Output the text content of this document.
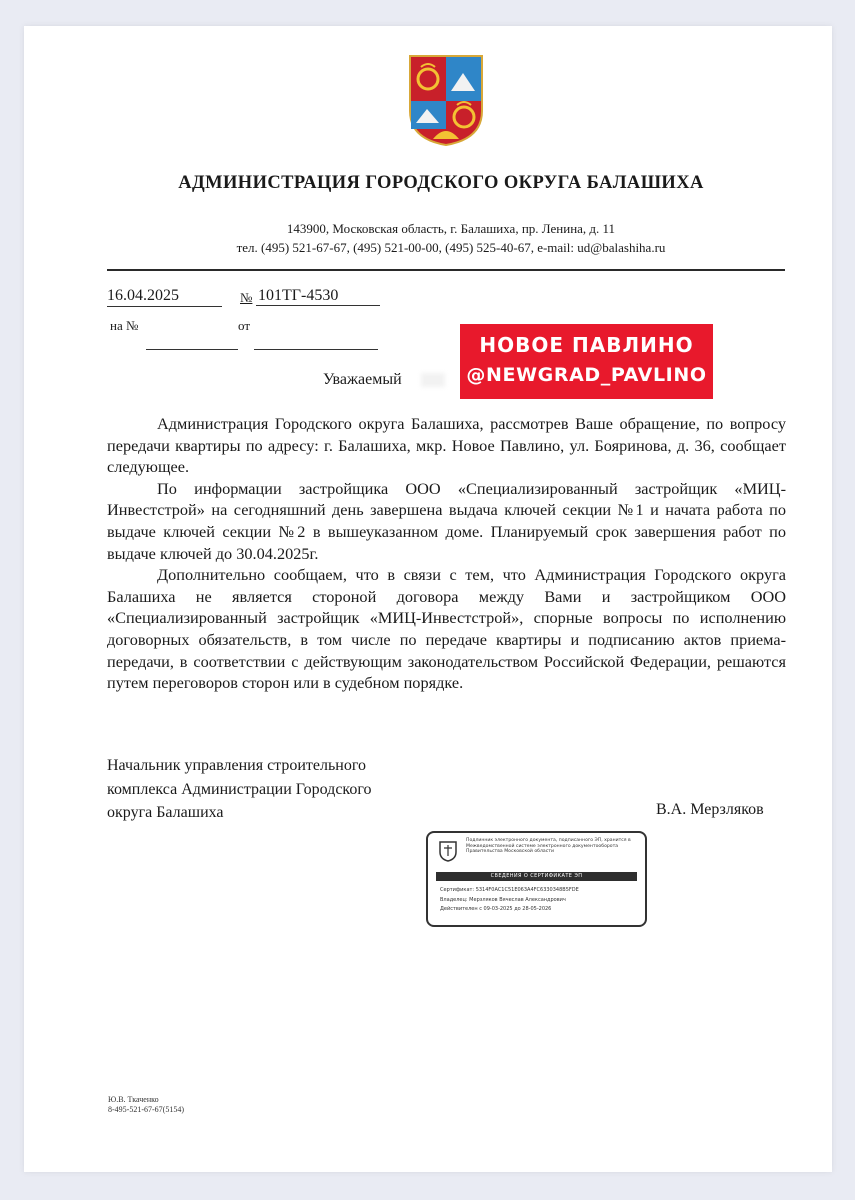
АДМИНИСТРАЦИЯ ГОРОДСКОГО ОКРУГА БАЛАШИХА
143900, Московская область, г. Балашиха, пр. Ленина, д. 11
тел. (495) 521-67-67, (495) 521-00-00, (495) 525-40-67, e-mail: ud@balashiha.ru
16.04.2025	№ 101ТГ-4530
на №
	от

НОВОЕ ПАВЛИНО
@NEWGRAD_PAVLINO
Уважаемый

Администрация Городского округа Балашиха, рассмотрев Ваше обращение, по вопросу передачи квартиры по адресу: г. Балашиха, мкр. Новое Павлино, ул. Бояринова, д. 36, сообщает следующее.

По информации застройщика ООО «Специализированный застройщик «МИЦ-Инвестстрой» на сегодняшний день завершена выдача ключей секции №1 и начата работа по выдаче ключей секции №2 в вышеуказанном доме. Планируемый срок завершения работ по выдаче ключей до 30.04.2025г.

Дополнительно сообщаем, что в связи с тем, что Администрация Городского округа Балашиха не является стороной договора между Вами и застройщиком ООО «Специализированный застройщик «МИЦ-Инвестстрой», спорные вопросы по исполнению договорных обязательств, в том числе по передаче квартиры и подписанию актов приема-передачи, в соответствии с действующим законодательством Российской Федерации, решаются путем переговоров сторон или в судебном порядке.

Начальник управления строительного
комплекса Администрации Городского
округа Балашиха	В.А. Мерзляков
Подлинник электронного документа, подписанного ЭП, хранится в Межведомственной системе электронного документооборота Правительства Московской области
СВЕДЕНИЯ О СЕРТИФИКАТЕ ЭП
Сертификат: 5314F0AC1C51E063A4FC6330348B5FDE
Владелец: Мерзляков Вячеслав Александрович
Действителен с 09-03-2025 до 28-05-2026
Ю.В. Ткаченко
8-495-521-67-67(5154)
